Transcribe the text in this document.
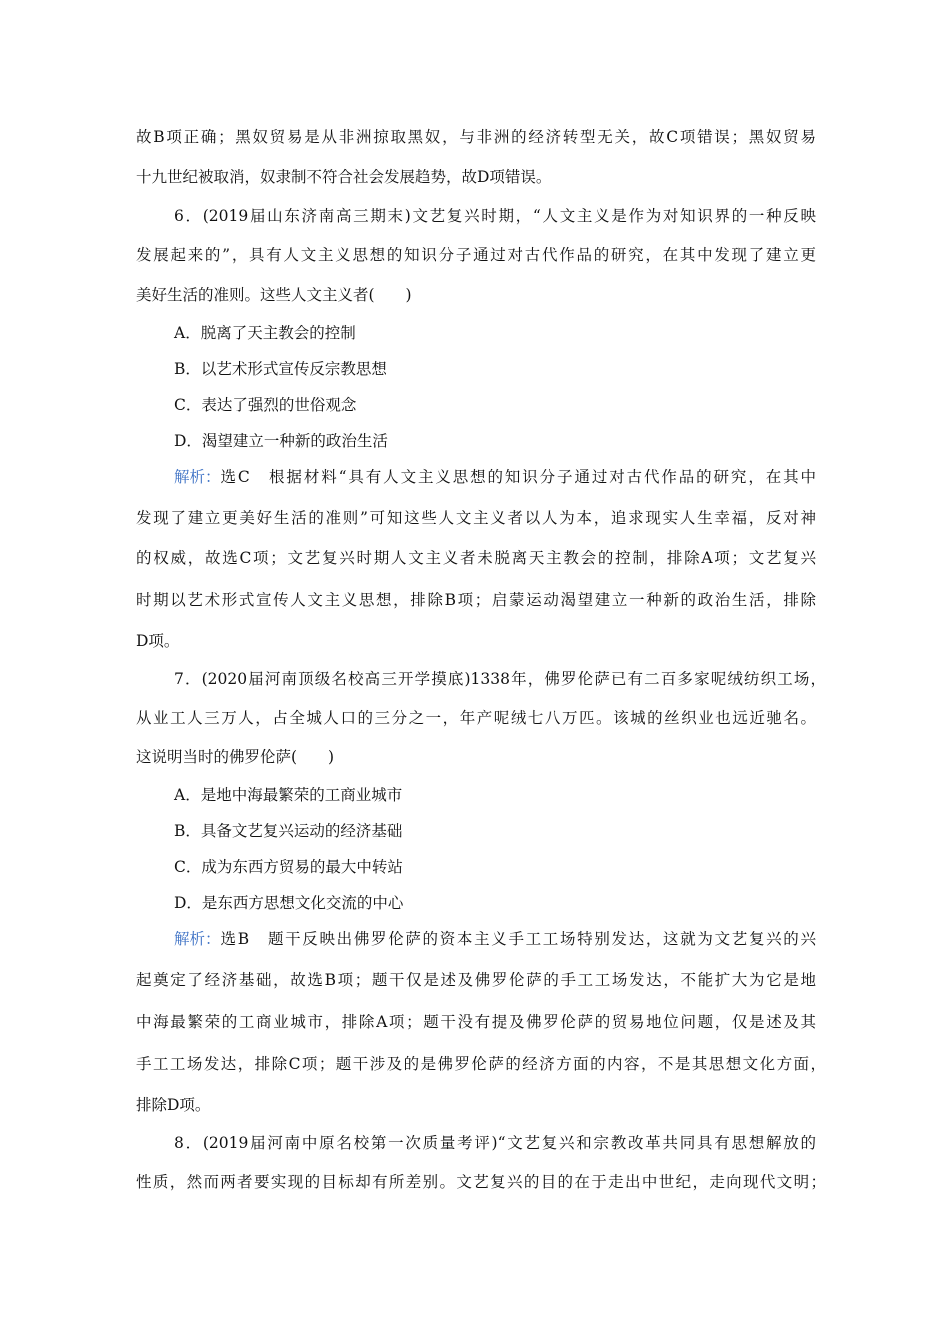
故B项正确；黑奴贸易是从非洲掠取黑奴，与非洲的经济转型无关，故C项错误；黑奴贸易
十九世纪被取消，奴隶制不符合社会发展趋势，故D项错误。
6．(2019届山东济南高三期末)文艺复兴时期，“人文主义是作为对知识界的一种反映
发展起来的”，具有人文主义思想的知识分子通过对古代作品的研究，在其中发现了建立更
美好生活的准则。这些人文主义者(　　)
A．脱离了天主教会的控制
B．以艺术形式宣传反宗教思想
C．表达了强烈的世俗观念
D．渴望建立一种新的政治生活
解析： 选C　根据材料“具有人文主义思想的知识分子通过对古代作品的研究，在其中
发现了建立更美好生活的准则”可知这些人文主义者以人为本，追求现实人生幸福，反对神
的权威，故选C项；文艺复兴时期人文主义者未脱离天主教会的控制，排除A项；文艺复兴
时期以艺术形式宣传人文主义思想，排除B项；启蒙运动渴望建立一种新的政治生活，排除
D项。
7．(2020届河南顶级名校高三开学摸底)1338年，佛罗伦萨已有二百多家呢绒纺织工场，
从业工人三万人，占全城人口的三分之一，年产呢绒七八万匹。该城的丝织业也远近驰名。
这说明当时的佛罗伦萨(　　)
A．是地中海最繁荣的工商业城市
B．具备文艺复兴运动的经济基础
C．成为东西方贸易的最大中转站
D．是东西方思想文化交流的中心
解析： 选B　题干反映出佛罗伦萨的资本主义手工工场特别发达，这就为文艺复兴的兴
起奠定了经济基础，故选B项；题干仅是述及佛罗伦萨的手工工场发达，不能扩大为它是地
中海最繁荣的工商业城市，排除A项；题干没有提及佛罗伦萨的贸易地位问题，仅是述及其
手工工场发达，排除C项；题干涉及的是佛罗伦萨的经济方面的内容，不是其思想文化方面，
排除D项。
8．(2019届河南中原名校第一次质量考评)“文艺复兴和宗教改革共同具有思想解放的
性质，然而两者要实现的目标却有所差别。文艺复兴的目的在于走出中世纪，走向现代文明；
